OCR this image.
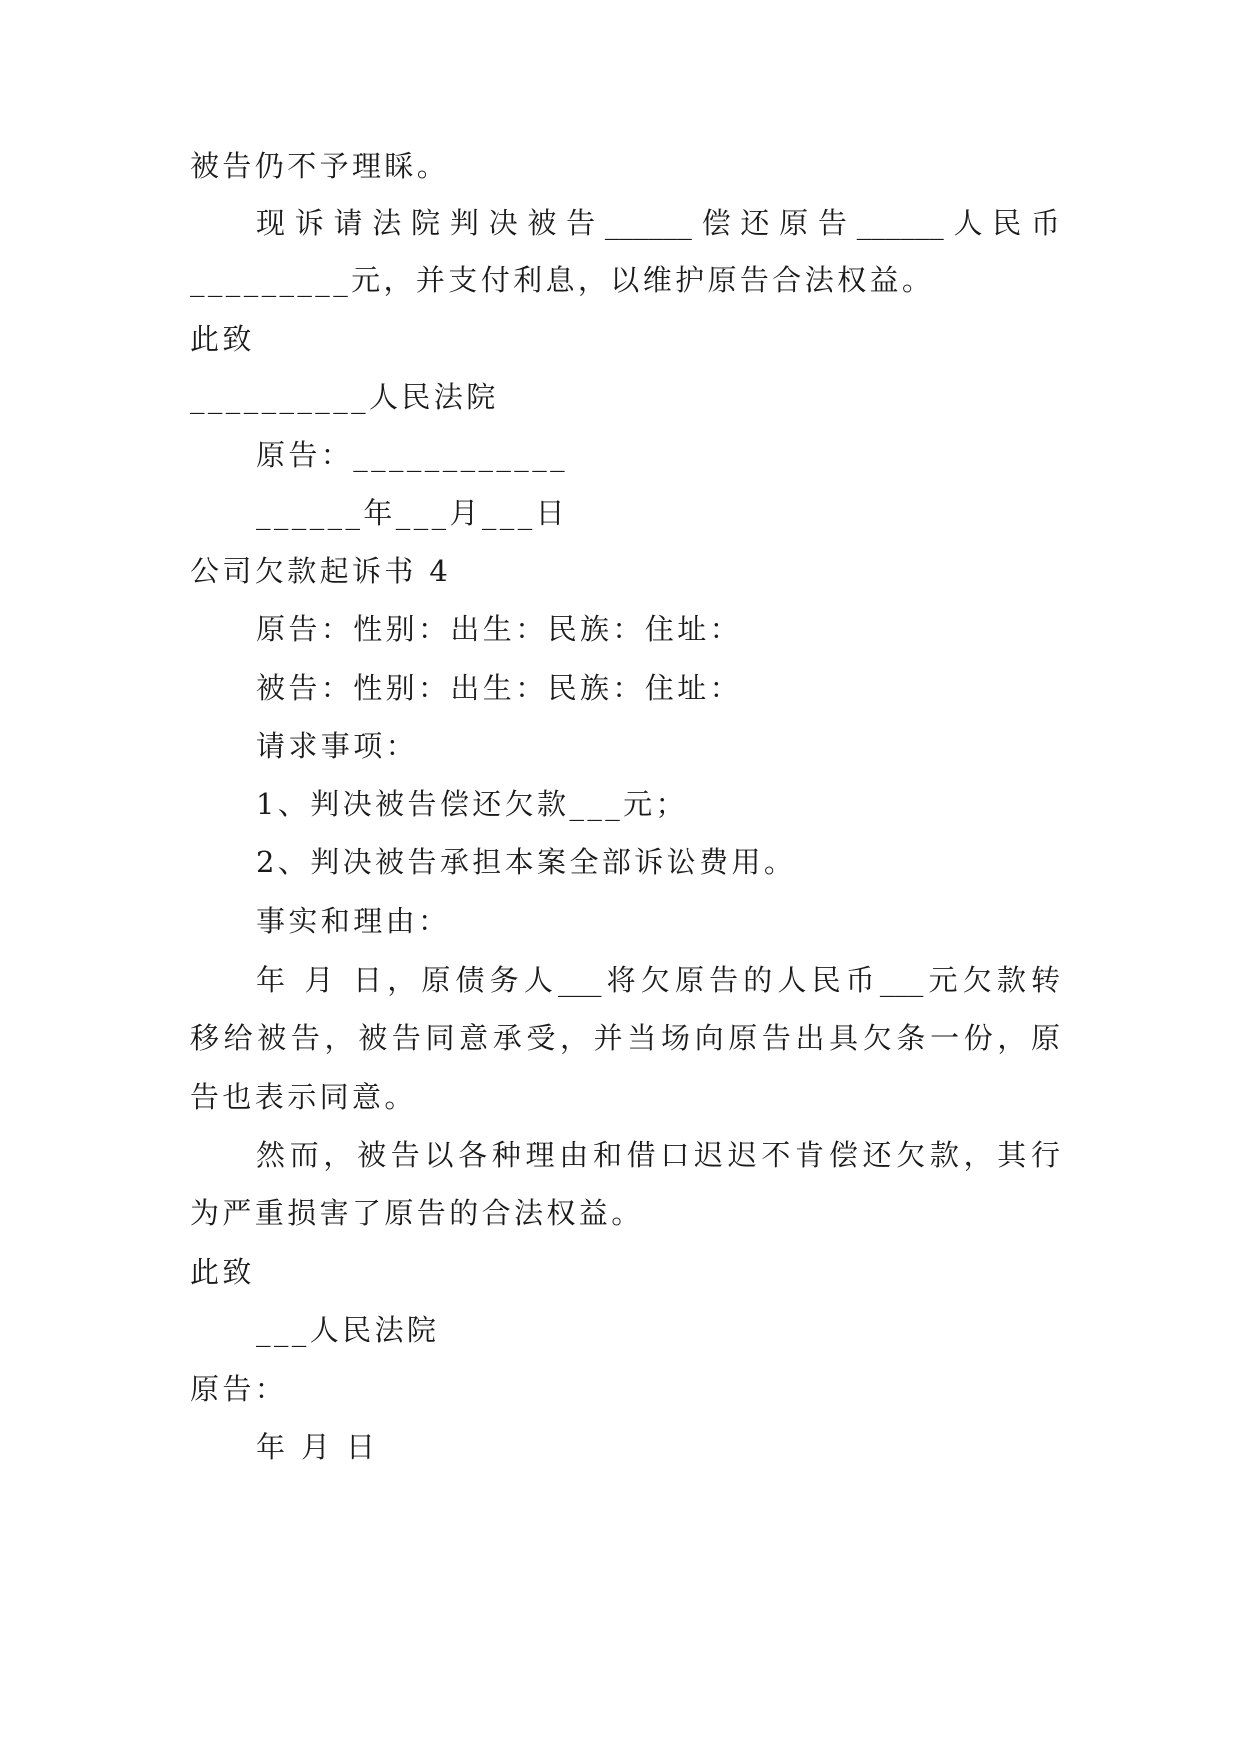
被告仍不予理睬。
现诉请法院判决被告______偿还原告______人民币
_________元，并支付利息，以维护原告合法权益。
此致
__________人民法院
原告：____________
______年___月___日
公司欠款起诉书 4
原告：性别：出生：民族：住址：
被告：性别：出生：民族：住址：
请求事项：
1、判决被告偿还欠款___元；
2、判决被告承担本案全部诉讼费用。
事实和理由：
年 月 日，原债务人___将欠原告的人民币___元欠款转
移给被告，被告同意承受，并当场向原告出具欠条一份，原
告也表示同意。
然而，被告以各种理由和借口迟迟不肯偿还欠款，其行
为严重损害了原告的合法权益。
此致
___人民法院
原告：
年 月 日
